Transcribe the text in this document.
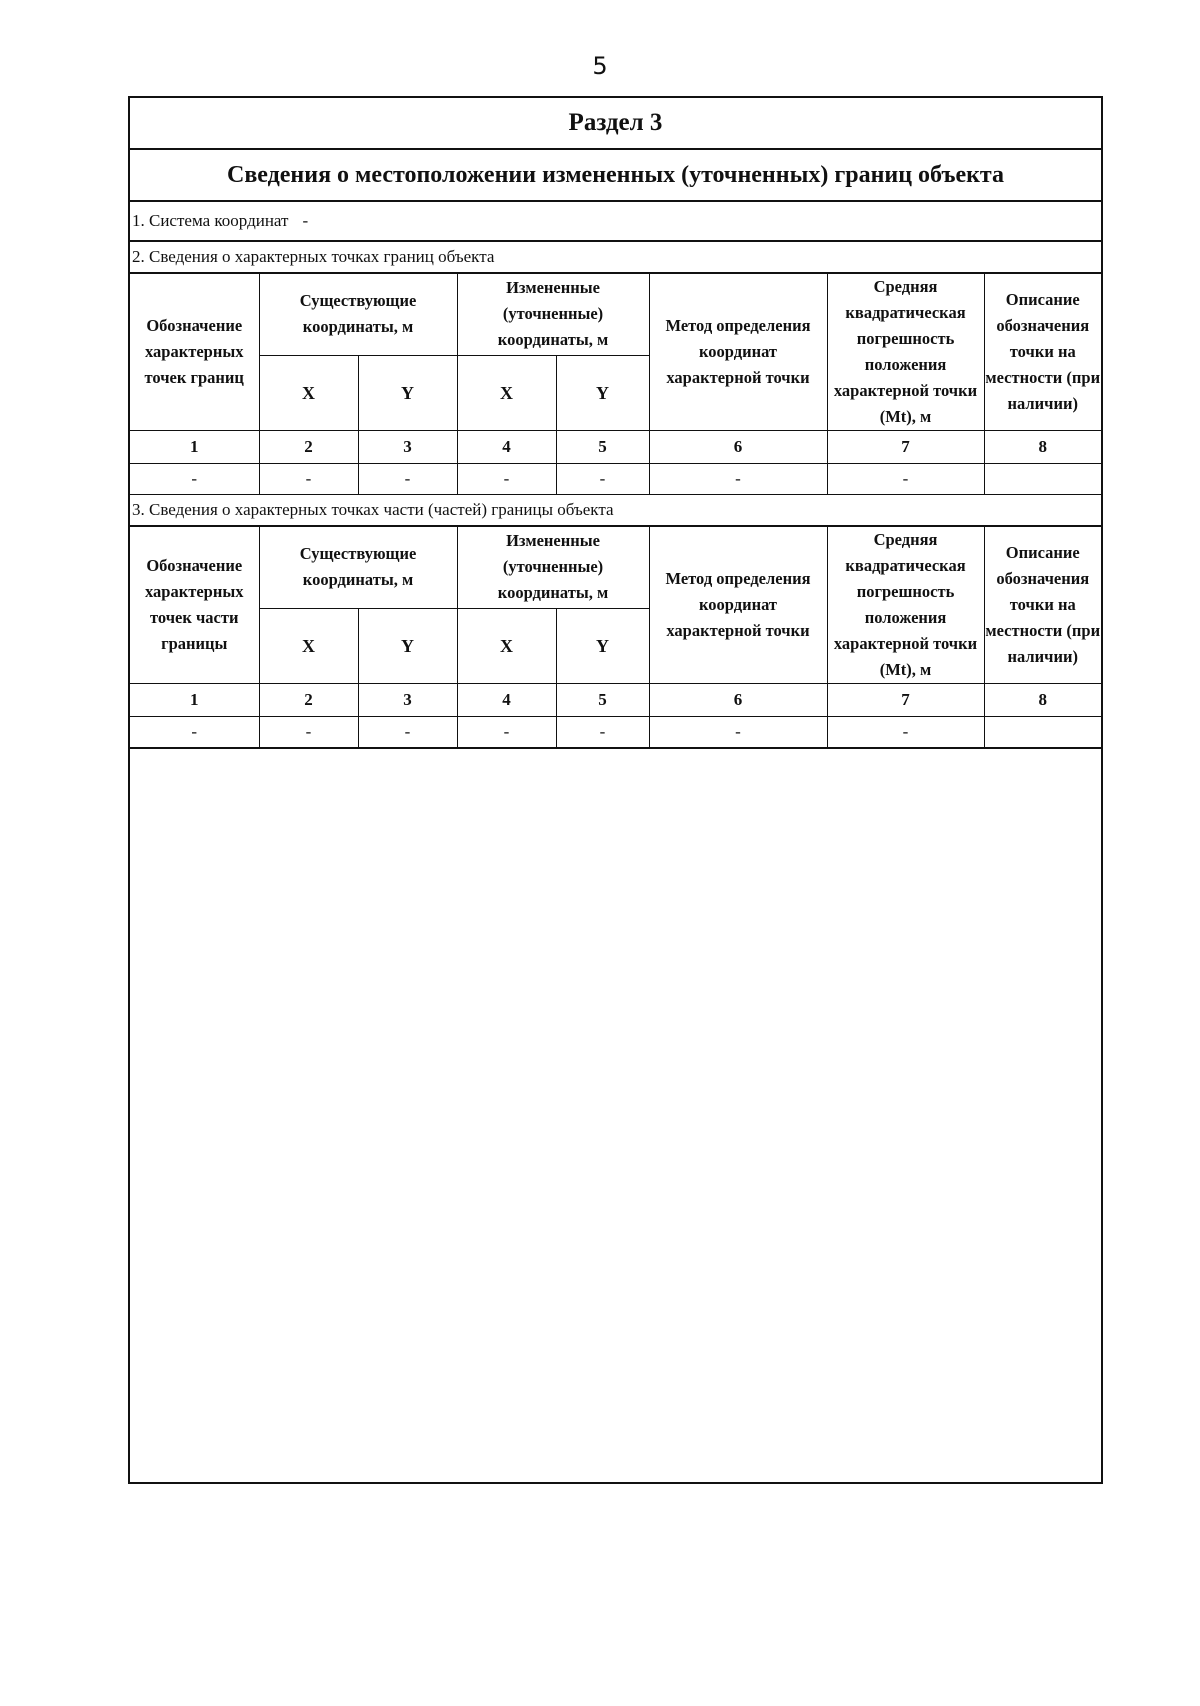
5
Раздел 3
Сведения о местоположении измененных (уточненных) границ объекта
1. Система координат -
2. Сведения о характерных точках границ объекта
Обозначение характерных точек границ	Существующие координаты, м		Измененные (уточненные) координаты, м		Метод определения координат характерной точки	Средняя квадратическая погрешность положения характерной точки (Mt), м	Описание обозначения точки на местности (при наличии)
	X	Y	X	Y			
1	2	3	4	5	6	7	8
-	-	-	-	-	-	-	
3. Сведения о характерных точках части (частей) границы объекта
Обозначение характерных точек части границы	Существующие координаты, м		Измененные (уточненные) координаты, м		Метод определения координат характерной точки	Средняя квадратическая погрешность положения характерной точки (Mt), м	Описание обозначения точки на местности (при наличии)
	X	Y	X	Y			
1	2	3	4	5	6	7	8
-	-	-	-	-	-	-	
